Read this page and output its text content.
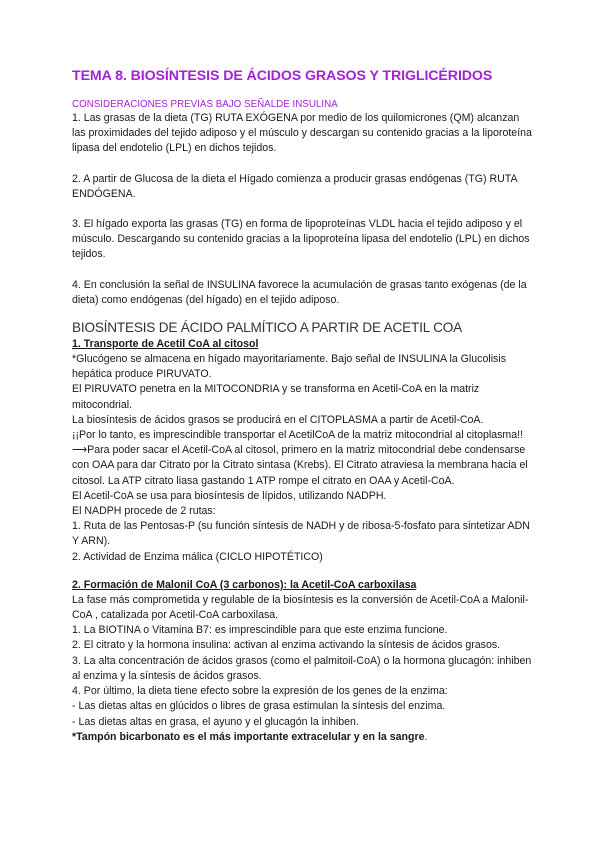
TEMA 8. BIOSÍNTESIS DE ÁCIDOS GRASOS Y TRIGLICÉRIDOS
CONSIDERACIONES PREVIAS BAJO SEÑALDE INSULINA

1. Las grasas de la dieta (TG) RUTA EXÓGENA por medio de los quilomicrones (QM) alcanzan las proximidades del tejido adiposo y el músculo y descargan su contenido gracias a la liporoteína lipasa del endotelio (LPL) en dichos tejidos.

2. A partir de Glucosa de la dieta el Hígado comienza a producir grasas endógenas (TG) RUTA ENDÓGENA.

3. El hígado exporta las grasas (TG) en forma de lipoproteínas VLDL hacia el tejido adiposo y el músculo. Descargando su contenido gracias a la lipoproteína lipasa del endotelio (LPL) en dichos tejidos.

4. En conclusión la señal de INSULINA favorece la acumulación de grasas tanto exógenas (de la dieta) como endógenas (del hígado) en el tejido adiposo.

BIOSÍNTESIS DE ÁCIDO PALMÍTICO A PARTIR DE ACETIL COA
1. Transporte de Acetil CoA al citosol

*Glucógeno se almacena en hígado mayoritariamente. Bajo señal de INSULINA la Glucolisis hepática produce PIRUVATO.

El PIRUVATO penetra en la MITOCONDRIA y se transforma en Acetil-CoA en la matriz mitocondrial.

La biosíntesis de ácidos grasos se producirá en el CITOPLASMA a partir de Acetil-CoA.

¡¡Por lo tanto, es imprescindible transportar el AcetilCoA de la matriz mitocondrial al citoplasma!!

⟶Para poder sacar el Acetil-CoA al citosol, primero en la matriz mitocondrial debe condensarse con OAA para dar Citrato por la Citrato sintasa (Krebs). El Citrato atraviesa la membrana hacia el citosol. La ATP citrato liasa gastando 1 ATP rompe el citrato en OAA y Acetil-CoA.

El Acetil-CoA se usa para biosíntesis de lípidos, utilizando NADPH.

El NADPH procede de 2 rutas:

1. Ruta de las Pentosas-P (su función síntesis de NADH y de ribosa-5-fosfato para sintetizar ADN Y ARN).

2. Actividad de Enzima málica (CICLO HIPOTÉTICO)

2. Formación de Malonil CoA (3 carbonos): la Acetil-CoA carboxilasa

La fase más comprometida y regulable de la biosíntesis es la conversión de Acetil-CoA a Malonil-CoA , catalizada por Acetil-CoA carboxilasa.

1. La BIOTINA o Vitamina B7: es imprescindible para que este enzima funcione.

2. El citrato y la hormona insulina: activan al enzima activando la síntesis de ácidos grasos.

3. La alta concentración de ácidos grasos (como el palmitoil-CoA) o la hormona glucagón: inhiben al enzima y la síntesis de ácidos grasos.

4. Por último, la dieta tiene efecto sobre la expresión de los genes de la enzima:

- Las dietas altas en glúcidos o libres de grasa estimulan la síntesis del enzima.

- Las dietas altas en grasa, el ayuno y el glucagón la inhiben.

*Tampón bicarbonato es el más importante extracelular y en la sangre.
